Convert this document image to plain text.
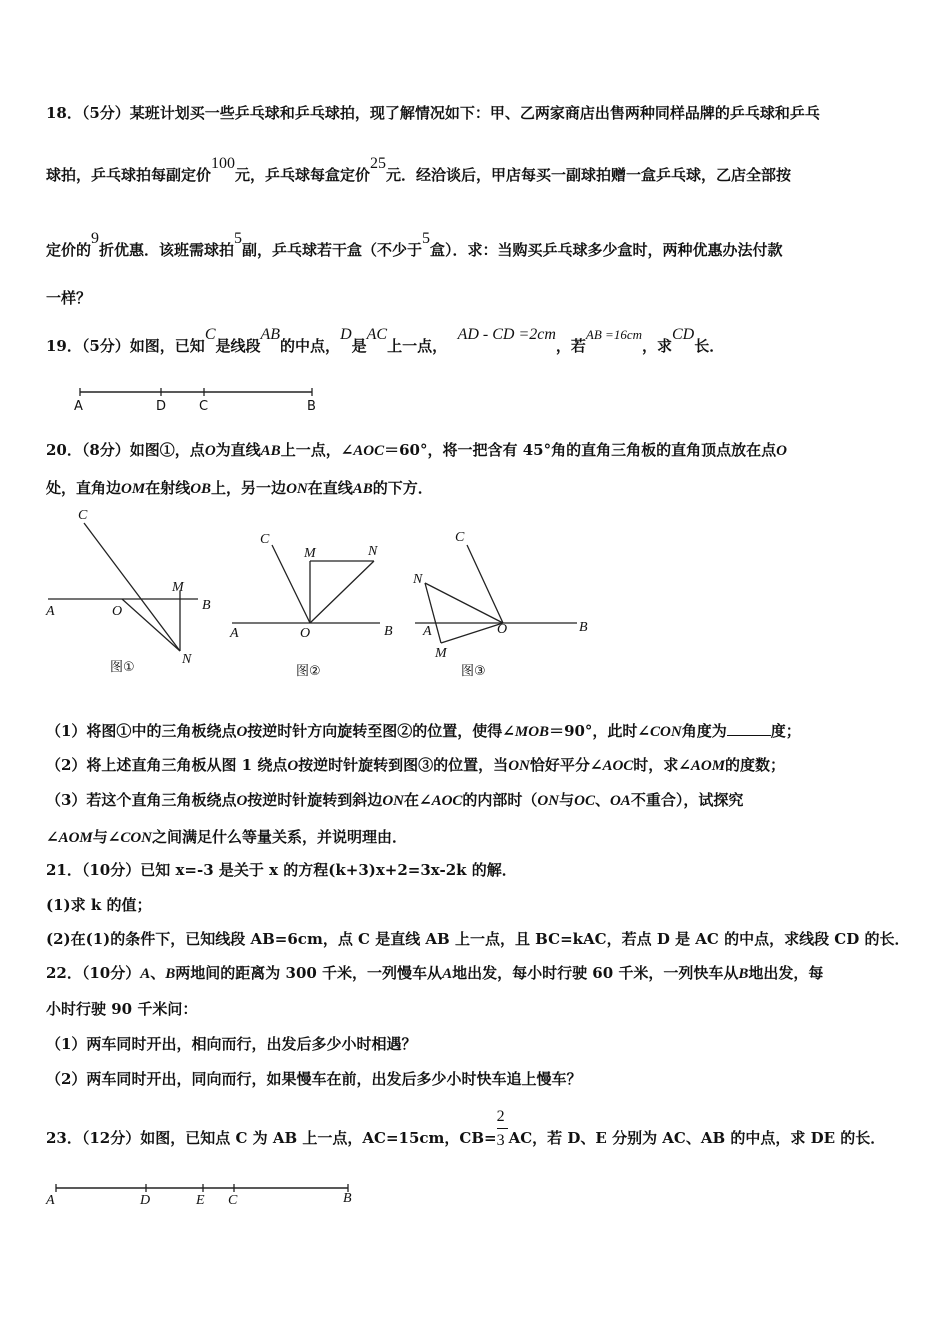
18．（5分）某班计划买一些乒乓球和乒乓球拍，现了解情况如下：甲、乙两家商店出售两种同样品牌的乒乓球和乒乓
球拍，乒乓球拍每副定价100元，乒乓球每盒定价25元．经洽谈后，甲店每买一副球拍赠一盒乒乓球，乙店全部按
定价的9折优惠．该班需球拍5副，乒乓球若干盒（不少于5盒）．求：当购买乒乓球多少盒时，两种优惠办法付款
一样？
19．（5分）如图，已知C是线段AB的中点，D是AC上一点，  AD - CD =2cm，若AB =16cm，求CD长．
A	D	C	B
20．（8分）如图①，点O为直线AB上一点，∠AOC＝60°，将一把含有 45°角的直角三角板的直角顶点放在点O
处，直角边OM在射线OB上，另一边ON在直线AB的下方．
C
M
N
A	O	B
图①
C
M	N
A	O	B
图②
C
M
N
A	O	B
图③
（1）将图①中的三角板绕点O按逆时针方向旋转至图②的位置，使得∠MOB＝90°，此时∠CON角度为	度；
（2）将上述直角三角板从图 1 绕点O按逆时针旋转到图③的位置，当ON恰好平分∠AOC时，求∠AOM的度数；
（3）若这个直角三角板绕点O按逆时针旋转到斜边ON在∠AOC的内部时（ON与OC、OA不重合），试探究
∠AOM与∠CON之间满足什么等量关系，并说明理由．
21．（10分）已知 x=-3 是关于 x 的方程(k+3)x+2=3x-2k 的解．
(1)求 k 的值；
(2)在(1)的条件下，已知线段 AB=6cm，点 C 是直线 AB 上一点，且 BC=kAC，若点 D 是 AC 的中点，求线段 CD 的长．
22．（10分）A、B两地间的距离为 300 千米，一列慢车从A地出发，每小时行驶 60 千米，一列快车从B地出发，每
小时行驶 90 千米问：
（1）两车同时开出，相向而行，出发后多少小时相遇？
（2）两车同时开出，同向而行，如果慢车在前，出发后多少小时快车追上慢车？
23．（12分）如图，已知点 C 为 AB 上一点，AC=15cm，$CB= \frac{2}{3}$ AC，若 D、E 分别为 AC、AB 的中点，求 DE 的长．
A	D	E C	B
